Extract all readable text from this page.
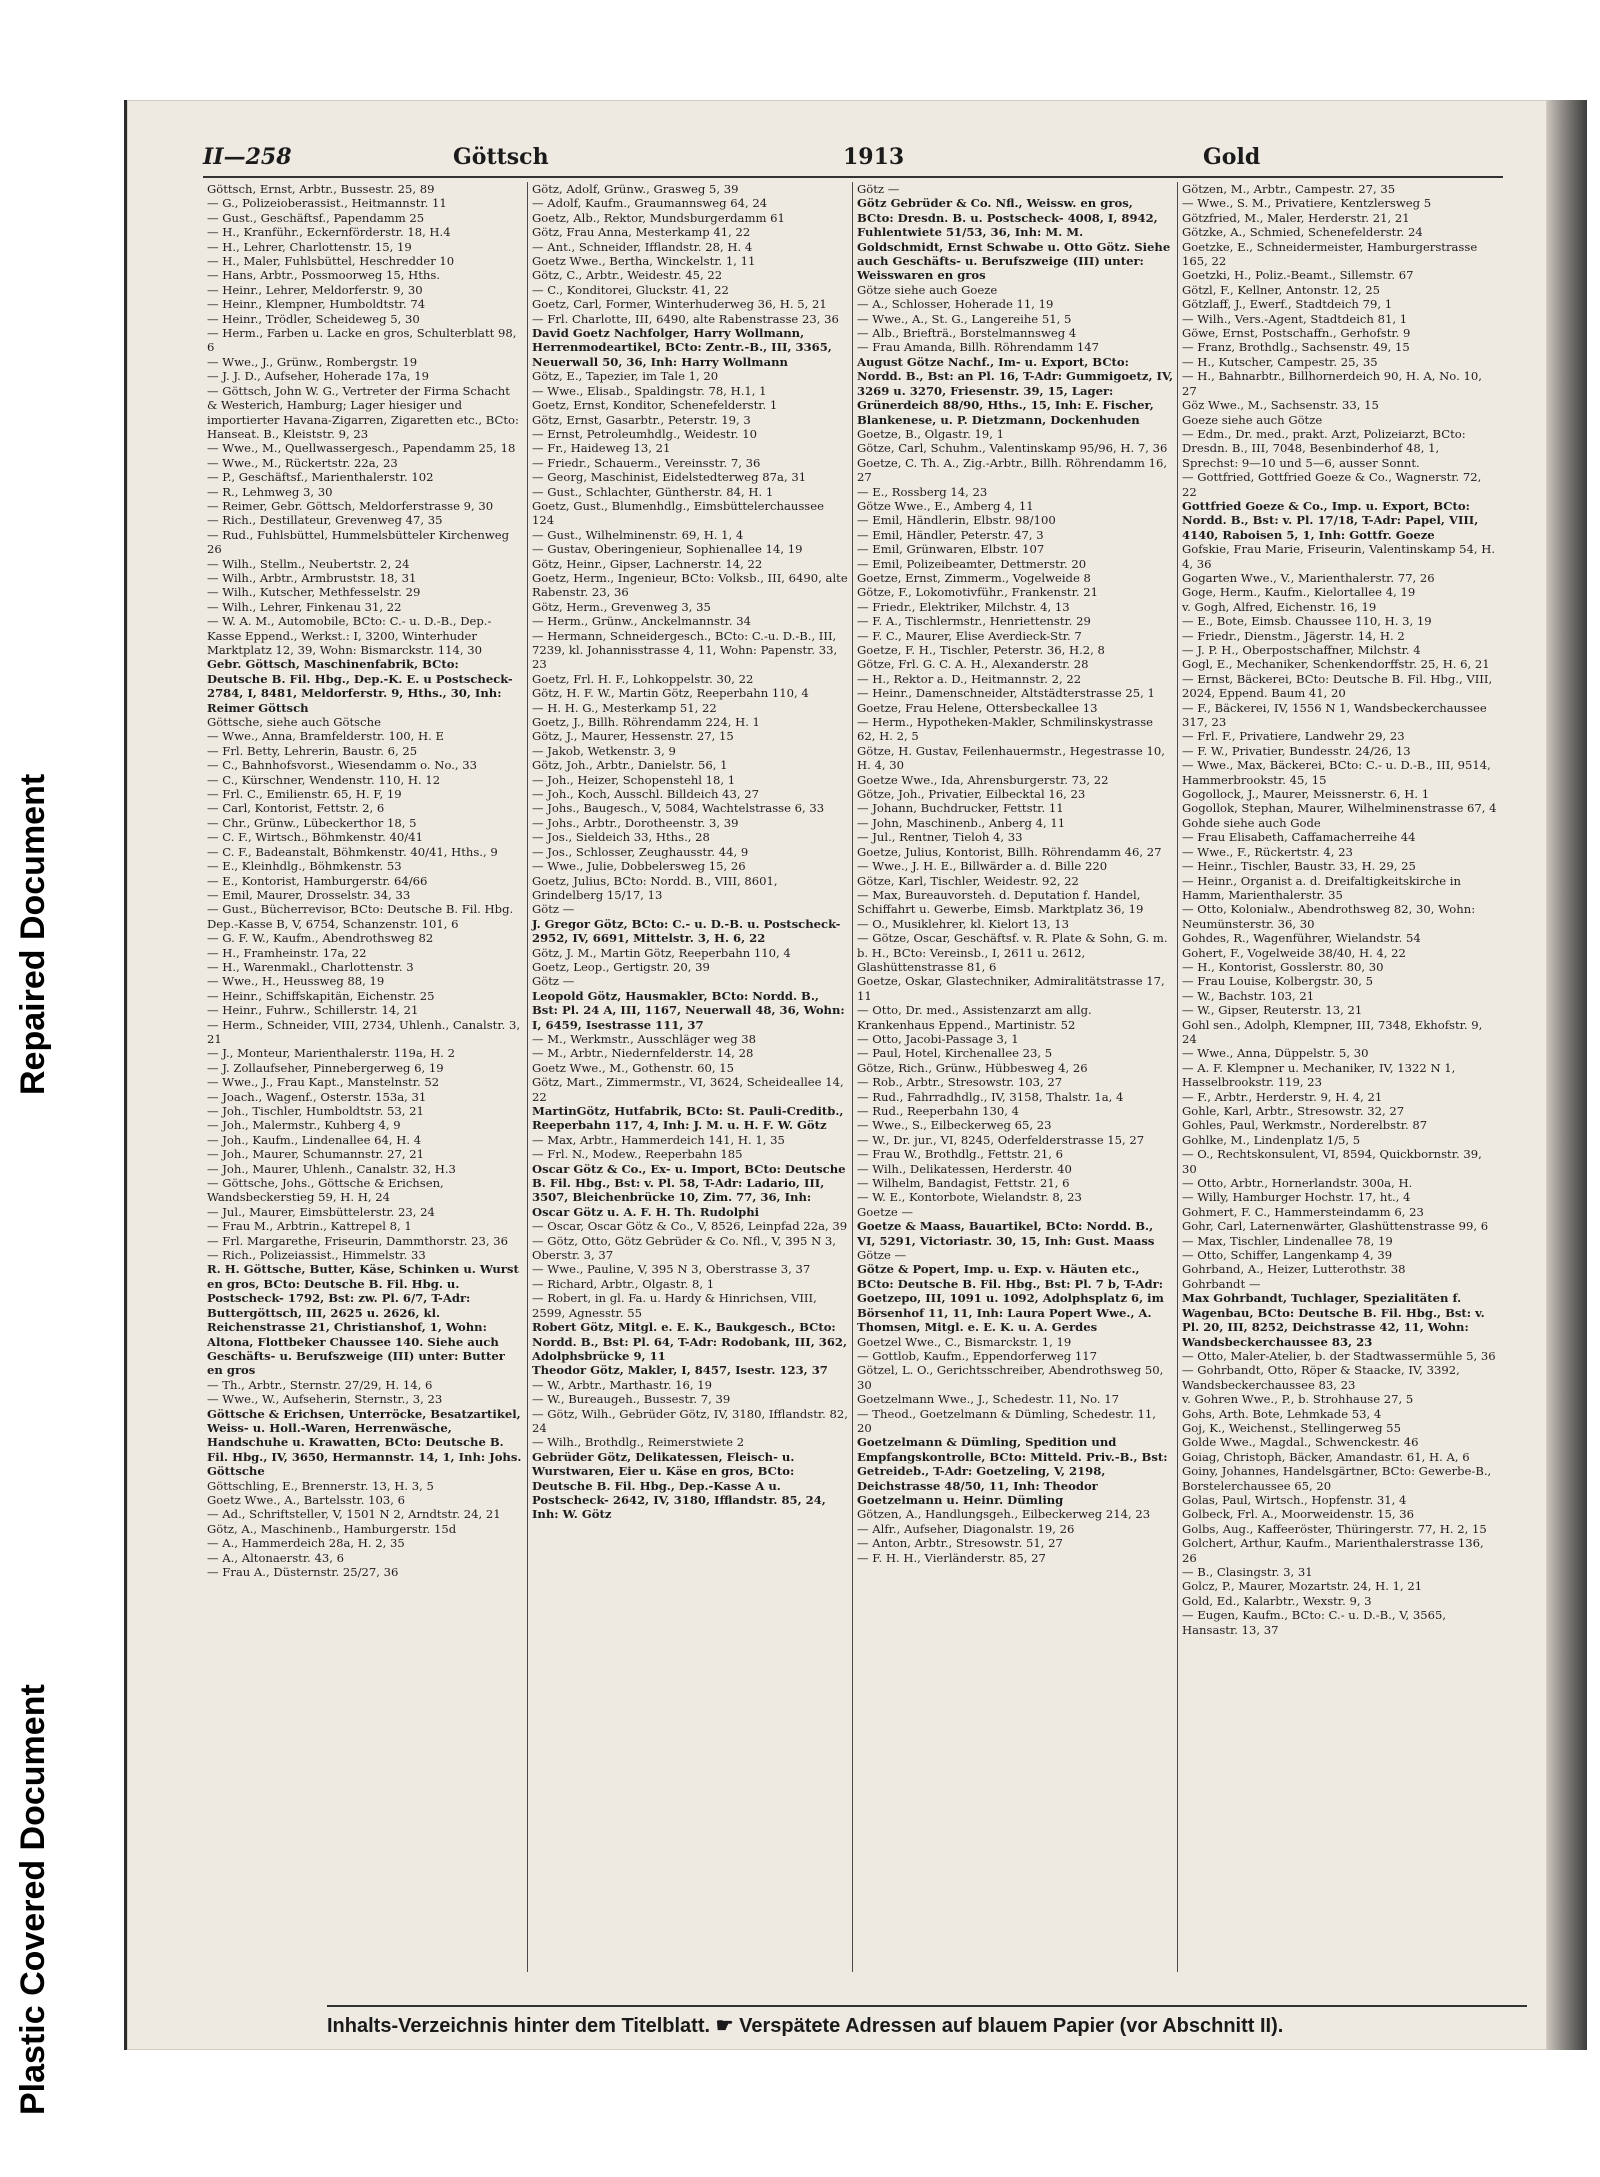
Plastic Covered Document
Repaired Document
II—258	Göttsch	1913	Gold

Göttsch, Ernst, Arbtr., Bussestr. 25, 89

— G., Polizeioberassist., Heitmannstr. 11

— Gust., Geschäftsf., Papendamm 25

— H., Kranführ., Eckernförderstr. 18, H.4

— H., Lehrer, Charlottenstr. 15, 19

— H., Maler, Fuhlsbüttel, Heschredder 10

— Hans, Arbtr., Possmoorweg 15, Hths.

— Heinr., Lehrer, Meldorferstr. 9, 30

— Heinr., Klempner, Humboldtstr. 74

— Heinr., Trödler, Scheideweg 5, 30

— Herm., Farben u. Lacke en gros, Schulterblatt 98, 6

— Wwe., J., Grünw., Rombergstr. 19

— J. J. D., Aufseher, Hoherade 17a, 19

— Göttsch, John W. G., Vertreter der Firma Schacht & Westerich, Hamburg; Lager hiesiger und importierter Havana-Zigarren, Zigaretten etc., BCto: Hanseat. B., Kleiststr. 9, 23

— Wwe., M., Quellwassergesch., Papendamm 25, 18

— Wwe., M., Rückertstr. 22a, 23

— P., Geschäftsf., Marienthalerstr. 102

— R., Lehmweg 3, 30

— Reimer, Gebr. Göttsch, Meldorferstrasse 9, 30

— Rich., Destillateur, Grevenweg 47, 35

— Rud., Fuhlsbüttel, Hummelsbütteler Kirchenweg 26

— Wilh., Stellm., Neubertstr. 2, 24

— Wilh., Arbtr., Armbruststr. 18, 31

— Wilh., Kutscher, Methfesselstr. 29

— Wilh., Lehrer, Finkenau 31, 22

— W. A. M., Automobile, BCto: C.- u. D.-B., Dep.-Kasse Eppend., Werkst.: I, 3200, Winterhuder Marktplatz 12, 39, Wohn: Bismarckstr. 114, 30

Gebr. Göttsch, Maschinenfabrik, BCto: Deutsche B. Fil. Hbg., Dep.-K. E. u Postscheck- 2784, I, 8481, Meldorferstr. 9, Hths., 30, Inh: Reimer Göttsch

Göttsche, siehe auch Götsche

— Wwe., Anna, Bramfelderstr. 100, H. E

— Frl. Betty, Lehrerin, Baustr. 6, 25

— C., Bahnhofsvorst., Wiesendamm o. No., 33

— C., Kürschner, Wendenstr. 110, H. 12

— Frl. C., Emilienstr. 65, H. F, 19

— Carl, Kontorist, Fettstr. 2, 6

— Chr., Grünw., Lübeckerthor 18, 5

— C. F., Wirtsch., Böhmkenstr. 40/41

— C. F., Badeanstalt, Böhmkenstr. 40/41, Hths., 9

— E., Kleinhdlg., Böhmkenstr. 53

— E., Kontorist, Hamburgerstr. 64/66

— Emil, Maurer, Drosselstr. 34, 33

— Gust., Bücherrevisor, BCto: Deutsche B. Fil. Hbg. Dep.-Kasse B, V, 6754, Schanzenstr. 101, 6

— G. F. W., Kaufm., Abendrothsweg 82

— H., Framheinstr. 17a, 22

— H., Warenmakl., Charlottenstr. 3

— Wwe., H., Heussweg 88, 19

— Heinr., Schiffskapitän, Eichenstr. 25

— Heinr., Fuhrw., Schillerstr. 14, 21

— Herm., Schneider, VIII, 2734, Uhlenh., Canalstr. 3, 21

— J., Monteur, Marienthalerstr. 119a, H. 2

— J. Zollaufseher, Pinnebergerweg 6, 19

— Wwe., J., Frau Kapt., Manstelnstr. 52

— Joach., Wagenf., Osterstr. 153a, 31

— Joh., Tischler, Humboldtstr. 53, 21

— Joh., Malermstr., Kuhberg 4, 9

— Joh., Kaufm., Lindenallee 64, H. 4

— Joh., Maurer, Schumannstr. 27, 21

— Joh., Maurer, Uhlenh., Canalstr. 32, H.3

— Göttsche, Johs., Göttsche & Erichsen, Wandsbeckerstieg 59, H. H, 24

— Jul., Maurer, Eimsbüttelerstr. 23, 24

— Frau M., Arbtrin., Kattrepel 8, 1

— Frl. Margarethe, Friseurin, Dammthorstr. 23, 36

— Rich., Polizeiassist., Himmelstr. 33

R. H. Göttsche, Butter, Käse, Schinken u. Wurst en gros, BCto: Deutsche B. Fil. Hbg. u. Postscheck- 1792, Bst: zw. Pl. 6/7, T-Adr: Buttergöttsch, III, 2625 u. 2626, kl. Reichenstrasse 21, Christianshof, 1, Wohn: Altona, Flottbeker Chaussee 140. Siehe auch Geschäfts- u. Berufszweige (III) unter: Butter en gros

— Th., Arbtr., Sternstr. 27/29, H. 14, 6

— Wwe., W., Aufseherin, Sternstr., 3, 23

Göttsche & Erichsen, Unterröcke, Besatzartikel, Weiss- u. Holl.-Waren, Herrenwäsche, Handschuhe u. Krawatten, BCto: Deutsche B. Fil. Hbg., IV, 3650, Hermannstr. 14, 1, Inh: Johs. Göttsche

Göttschling, E., Brennerstr. 13, H. 3, 5

Goetz Wwe., A., Bartelsstr. 103, 6

— Ad., Schriftsteller, V, 1501 N 2, Arndtstr. 24, 21

Götz, A., Maschinenb., Hamburgerstr. 15d

— A., Hammerdeich 28a, H. 2, 35

— A., Altonaerstr. 43, 6

— Frau A., Düsternstr. 25/27, 36

Götz, Adolf, Grünw., Grasweg 5, 39

— Adolf, Kaufm., Graumannsweg 64, 24

Goetz, Alb., Rektor, Mundsburgerdamm 61

Götz, Frau Anna, Mesterkamp 41, 22

— Ant., Schneider, Ifflandstr. 28, H. 4

Goetz Wwe., Bertha, Winckelstr. 1, 11

Götz, C., Arbtr., Weidestr. 45, 22

— C., Konditorei, Gluckstr. 41, 22

Goetz, Carl, Former, Winterhuderweg 36, H. 5, 21

— Frl. Charlotte, III, 6490, alte Rabenstrasse 23, 36

David Goetz Nachfolger, Harry Wollmann, Herrenmodeartikel, BCto: Zentr.-B., III, 3365, Neuerwall 50, 36, Inh: Harry Wollmann

Götz, E., Tapezier, im Tale 1, 20

— Wwe., Elisab., Spaldingstr. 78, H.1, 1

Goetz, Ernst, Konditor, Schenefelderstr. 1

Götz, Ernst, Gasarbtr., Peterstr. 19, 3

— Ernst, Petroleumhdlg., Weidestr. 10

— Fr., Haideweg 13, 21

— Friedr., Schauerm., Vereinsstr. 7, 36

— Georg, Maschinist, Eidelstedterweg 87a, 31

— Gust., Schlachter, Güntherstr. 84, H. 1

Goetz, Gust., Blumenhdlg., Eimsbüttelerchaussee 124

— Gust., Wilhelminenstr. 69, H. 1, 4

— Gustav, Oberingenieur, Sophienallee 14, 19

Götz, Heinr., Gipser, Lachnerstr. 14, 22

Goetz, Herm., Ingenieur, BCto: Volksb., III, 6490, alte Rabenstr. 23, 36

Götz, Herm., Grevenweg 3, 35

— Herm., Grünw., Anckelmannstr. 34

— Hermann, Schneidergesch., BCto: C.-u. D.-B., III, 7239, kl. Johannisstrasse 4, 11, Wohn: Papenstr. 33, 23

Goetz, Frl. H. F., Lohkoppelstr. 30, 22

Götz, H. F. W., Martin Götz, Reeperbahn 110, 4

— H. H. G., Mesterkamp 51, 22

Goetz, J., Billh. Röhrendamm 224, H. 1

Götz, J., Maurer, Hessenstr. 27, 15

— Jakob, Wetkenstr. 3, 9

Götz, Joh., Arbtr., Danielstr. 56, 1

— Joh., Heizer, Schopenstehl 18, 1

— Joh., Koch, Ausschl. Billdeich 43, 27

— Johs., Baugesch., V, 5084, Wachtelstrasse 6, 33

— Johs., Arbtr., Dorotheenstr. 3, 39

— Jos., Sieldeich 33, Hths., 28

— Jos., Schlosser, Zeughausstr. 44, 9

— Wwe., Julie, Dobbelersweg 15, 26

Goetz, Julius, BCto: Nordd. B., VIII, 8601, Grindelberg 15/17, 13

Götz —

J. Gregor Götz, BCto: C.- u. D.-B. u. Postscheck- 2952, IV, 6691, Mittelstr. 3, H. 6, 22

Götz, J. M., Martin Götz, Reeperbahn 110, 4

Goetz, Leop., Gertigstr. 20, 39

Götz —

Leopold Götz, Hausmakler, BCto: Nordd. B., Bst: Pl. 24 A, III, 1167, Neuerwall 48, 36, Wohn: I, 6459, Isestrasse 111, 37

— M., Werkmstr., Ausschläger weg 38

— M., Arbtr., Niedernfelderstr. 14, 28

Goetz Wwe., M., Gothenstr. 60, 15

Götz, Mart., Zimmermstr., VI, 3624, Scheideallee 14, 22

MartinGötz, Hutfabrik, BCto: St. Pauli-Creditb., Reeperbahn 117, 4, Inh: J. M. u. H. F. W. Götz

— Max, Arbtr., Hammerdeich 141, H. 1, 35

— Frl. N., Modew., Reeperbahn 185

Oscar Götz & Co., Ex- u. Import, BCto: Deutsche B. Fil. Hbg., Bst: v. Pl. 58, T-Adr: Ladario, III, 3507, Bleichenbrücke 10, Zim. 77, 36, Inh: Oscar Götz u. A. F. H. Th. Rudolphi

— Oscar, Oscar Götz & Co., V, 8526, Leinpfad 22a, 39

— Götz, Otto, Götz Gebrüder & Co. Nfl., V, 395 N 3, Oberstr. 3, 37

— Wwe., Pauline, V, 395 N 3, Oberstrasse 3, 37

— Richard, Arbtr., Olgastr. 8, 1

— Robert, in gl. Fa. u. Hardy & Hinrichsen, VIII, 2599, Agnesstr. 55

Robert Götz, Mitgl. e. E. K., Baukgesch., BCto: Nordd. B., Bst: Pl. 64, T-Adr: Rodobank, III, 362, Adolphsbrücke 9, 11

Theodor Götz, Makler, I, 8457, Isestr. 123, 37

— W., Arbtr., Marthastr. 16, 19

— W., Bureaugeh., Bussestr. 7, 39

— Götz, Wilh., Gebrüder Götz, IV, 3180, Ifflandstr. 82, 24

— Wilh., Brothdlg., Reimerstwiete 2

Gebrüder Götz, Delikatessen, Fleisch- u. Wurstwaren, Eier u. Käse en gros, BCto: Deutsche B. Fil. Hbg., Dep.-Kasse A u. Postscheck- 2642, IV, 3180, Ifflandstr. 85, 24, Inh: W. Götz

Götz —

Götz Gebrüder & Co. Nfl., Weissw. en gros, BCto: Dresdn. B. u. Postscheck- 4008, I, 8942, Fuhlentwiete 51/53, 36, Inh: M. M. Goldschmidt, Ernst Schwabe u. Otto Götz. Siehe auch Geschäfts- u. Berufszweige (III) unter: Weisswaren en gros

Götze siehe auch Goeze

— A., Schlosser, Hoherade 11, 19

— Wwe., A., St. G., Langereihe 51, 5

— Alb., Briefträ., Borstelmannsweg 4

— Frau Amanda, Billh. Röhrendamm 147

August Götze Nachf., Im- u. Export, BCto: Nordd. B., Bst: an Pl. 16, T-Adr: Gummigoetz, IV, 3269 u. 3270, Friesenstr. 39, 15, Lager: Grünerdeich 88/90, Hths., 15, Inh: E. Fischer, Blankenese, u. P. Dietzmann, Dockenhuden

Goetze, B., Olgastr. 19, 1

Götze, Carl, Schuhm., Valentinskamp 95/96, H. 7, 36

Goetze, C. Th. A., Zig.-Arbtr., Billh. Röhrendamm 16, 27

— E., Rossberg 14, 23

Götze Wwe., E., Amberg 4, 11

— Emil, Händlerin, Elbstr. 98/100

— Emil, Händler, Peterstr. 47, 3

— Emil, Grünwaren, Elbstr. 107

— Emil, Polizeibeamter, Dettmerstr. 20

Goetze, Ernst, Zimmerm., Vogelweide 8

Götze, F., Lokomotivführ., Frankenstr. 21

— Friedr., Elektriker, Milchstr. 4, 13

— F. A., Tischlermstr., Henriettenstr. 29

— F. C., Maurer, Elise Averdieck-Str. 7

Goetze, F. H., Tischler, Peterstr. 36, H.2, 8

Götze, Frl. G. C. A. H., Alexanderstr. 28

— H., Rektor a. D., Heitmannstr. 2, 22

— Heinr., Damenschneider, Altstädterstrasse 25, 1

Goetze, Frau Helene, Ottersbeckallee 13

— Herm., Hypotheken-Makler, Schmilinskystrasse 62, H. 2, 5

Götze, H. Gustav, Feilenhauermstr., Hegestrasse 10, H. 4, 30

Goetze Wwe., Ida, Ahrensburgerstr. 73, 22

Götze, Joh., Privatier, Eilbecktal 16, 23

— Johann, Buchdrucker, Fettstr. 11

— John, Maschinenb., Anberg 4, 11

— Jul., Rentner, Tieloh 4, 33

Goetze, Julius, Kontorist, Billh. Röhrendamm 46, 27

— Wwe., J. H. E., Billwärder a. d. Bille 220

Götze, Karl, Tischler, Weidestr. 92, 22

— Max, Bureauvorsteh. d. Deputation f. Handel, Schiffahrt u. Gewerbe, Eimsb. Marktplatz 36, 19

— O., Musiklehrer, kl. Kielort 13, 13

— Götze, Oscar, Geschäftsf. v. R. Plate & Sohn, G. m. b. H., BCto: Vereinsb., I, 2611 u. 2612, Glashüttenstrasse 81, 6

Goetze, Oskar, Glastechniker, Admiralitätstrasse 17, 11

— Otto, Dr. med., Assistenzarzt am allg. Krankenhaus Eppend., Martinistr. 52

— Otto, Jacobi-Passage 3, 1

— Paul, Hotel, Kirchenallee 23, 5

Götze, Rich., Grünw., Hübbesweg 4, 26

— Rob., Arbtr., Stresowstr. 103, 27

— Rud., Fahrradhdlg., IV, 3158, Thalstr. 1a, 4

— Rud., Reeperbahn 130, 4

— Wwe., S., Eilbeckerweg 65, 23

— W., Dr. jur., VI, 8245, Oderfelderstrasse 15, 27

— Frau W., Brothdlg., Fettstr. 21, 6

— Wilh., Delikatessen, Herderstr. 40

— Wilhelm, Bandagist, Fettstr. 21, 6

— W. E., Kontorbote, Wielandstr. 8, 23

Goetze —

Goetze & Maass, Bauartikel, BCto: Nordd. B., VI, 5291, Victoriastr. 30, 15, Inh: Gust. Maass

Götze —

Götze & Popert, Imp. u. Exp. v. Häuten etc., BCto: Deutsche B. Fil. Hbg., Bst: Pl. 7 b, T-Adr: Goetzepo, III, 1091 u. 1092, Adolphsplatz 6, im Börsenhof 11, 11, Inh: Laura Popert Wwe., A. Thomsen, Mitgl. e. E. K. u. A. Gerdes

Goetzel Wwe., C., Bismarckstr. 1, 19

— Gottlob, Kaufm., Eppendorferweg 117

Götzel, L. O., Gerichtsschreiber, Abendrothsweg 50, 30

Goetzelmann Wwe., J., Schedestr. 11, No. 17

— Theod., Goetzelmann & Dümling, Schedestr. 11, 20

Goetzelmann & Dümling, Spedition und Empfangskontrolle, BCto: Mitteld. Priv.-B., Bst: Getreideb., T-Adr: Goetzeling, V, 2198, Deichstrasse 48/50, 11, Inh: Theodor Goetzelmann u. Heinr. Dümling

Götzen, A., Handlungsgeh., Eilbeckerweg 214, 23

— Alfr., Aufseher, Diagonalstr. 19, 26

— Anton, Arbtr., Stresowstr. 51, 27

— F. H. H., Vierländerstr. 85, 27

Götzen, M., Arbtr., Campestr. 27, 35

— Wwe., S. M., Privatiere, Kentzlersweg 5

Götzfried, M., Maler, Herderstr. 21, 21

Götzke, A., Schmied, Schenefelderstr. 24

Goetzke, E., Schneidermeister, Hamburgerstrasse 165, 22

Goetzki, H., Poliz.-Beamt., Sillemstr. 67

Götzl, F., Kellner, Antonstr. 12, 25

Götzlaff, J., Ewerf., Stadtdeich 79, 1

— Wilh., Vers.-Agent, Stadtdeich 81, 1

Göwe, Ernst, Postschaffn., Gerhofstr. 9

— Franz, Brothdlg., Sachsenstr. 49, 15

— H., Kutscher, Campestr. 25, 35

— H., Bahnarbtr., Billhornerdeich 90, H. A, No. 10, 27

Göz Wwe., M., Sachsenstr. 33, 15

Goeze siehe auch Götze

— Edm., Dr. med., prakt. Arzt, Polizeiarzt, BCto: Dresdn. B., III, 7048, Besenbinderhof 48, 1, Sprechst: 9—10 und 5—6, ausser Sonnt.

— Gottfried, Gottfried Goeze & Co., Wagnerstr. 72, 22

Gottfried Goeze & Co., Imp. u. Export, BCto: Nordd. B., Bst: v. Pl. 17/18, T-Adr: Papel, VIII, 4140, Raboisen 5, 1, Inh: Gottfr. Goeze

Gofskie, Frau Marie, Friseurin, Valentinskamp 54, H. 4, 36

Gogarten Wwe., V., Marienthalerstr. 77, 26

Goge, Herm., Kaufm., Kielortallee 4, 19

v. Gogh, Alfred, Eichenstr. 16, 19

— E., Bote, Eimsb. Chaussee 110, H. 3, 19

— Friedr., Dienstm., Jägerstr. 14, H. 2

— J. P. H., Oberpostschaffner, Milchstr. 4

Gogl, E., Mechaniker, Schenkendorffstr. 25, H. 6, 21

— Ernst, Bäckerei, BCto: Deutsche B. Fil. Hbg., VIII, 2024, Eppend. Baum 41, 20

— F., Bäckerei, IV, 1556 N 1, Wandsbeckerchaussee 317, 23

— Frl. F., Privatiere, Landwehr 29, 23

— F. W., Privatier, Bundesstr. 24/26, 13

— Wwe., Max, Bäckerei, BCto: C.- u. D.-B., III, 9514, Hammerbrookstr. 45, 15

Gogollock, J., Maurer, Meissnerstr. 6, H. 1

Gogollok, Stephan, Maurer, Wilhelminenstrasse 67, 4

Gohde siehe auch Gode

— Frau Elisabeth, Caffamacherreihe 44

— Wwe., F., Rückertstr. 4, 23

— Heinr., Tischler, Baustr. 33, H. 29, 25

— Heinr., Organist a. d. Dreifaltigkeitskirche in Hamm, Marienthalerstr. 35

— Otto, Kolonialw., Abendrothsweg 82, 30, Wohn: Neumünsterstr. 36, 30

Gohdes, R., Wagenführer, Wielandstr. 54

Gohert, F., Vogelweide 38/40, H. 4, 22

— H., Kontorist, Gosslerstr. 80, 30

— Frau Louise, Kolbergstr. 30, 5

— W., Bachstr. 103, 21

— W., Gipser, Reuterstr. 13, 21

Gohl sen., Adolph, Klempner, III, 7348, Ekhofstr. 9, 24

— Wwe., Anna, Düppelstr. 5, 30

— A. F. Klempner u. Mechaniker, IV, 1322 N 1, Hasselbrookstr. 119, 23

— F., Arbtr., Herderstr. 9, H. 4, 21

Gohle, Karl, Arbtr., Stresowstr. 32, 27

Gohles, Paul, Werkmstr., Norderelbstr. 87

Gohlke, M., Lindenplatz 1/5, 5

— O., Rechtskonsulent, VI, 8594, Quickbornstr. 39, 30

— Otto, Arbtr., Hornerlandstr. 300a, H.

— Willy, Hamburger Hochstr. 17, ht., 4

Gohmert, F. C., Hammersteindamm 6, 23

Gohr, Carl, Laternenwärter, Glashüttenstrasse 99, 6

— Max, Tischler, Lindenallee 78, 19

— Otto, Schiffer, Langenkamp 4, 39

Gohrband, A., Heizer, Lutterothstr. 38

Gohrbandt —

Max Gohrbandt, Tuchlager, Spezialitäten f. Wagenbau, BCto: Deutsche B. Fil. Hbg., Bst: v. Pl. 20, III, 8252, Deichstrasse 42, 11, Wohn: Wandsbeckerchaussee 83, 23

— Otto, Maler-Atelier, b. der Stadtwassermühle 5, 36

— Gohrbandt, Otto, Röper & Staacke, IV, 3392, Wandsbeckerchaussee 83, 23

v. Gohren Wwe., P., b. Strohhause 27, 5

Gohs, Arth. Bote, Lehmkade 53, 4

Goj, K., Weichenst., Stellingerweg 55

Golde Wwe., Magdal., Schwenckestr. 46

Goiag, Christoph, Bäcker, Amandastr. 61, H. A, 6

Goiny, Johannes, Handelsgärtner, BCto: Gewerbe-B., Borstelerchaussee 65, 20

Golas, Paul, Wirtsch., Hopfenstr. 31, 4

Golbeck, Frl. A., Moorweidenstr. 15, 36

Golbs, Aug., Kaffeeröster, Thüringerstr. 77, H. 2, 15

Golchert, Arthur, Kaufm., Marienthalerstrasse 136, 26

— B., Clasingstr. 3, 31

Golcz, P., Maurer, Mozartstr. 24, H. 1, 21

Gold, Ed., Kalarbtr., Wexstr. 9, 3

— Eugen, Kaufm., BCto: C.- u. D.-B., V, 3565, Hansastr. 13, 37

Inhalts-Verzeichnis hinter dem Titelblatt. ☛ Verspätete Adressen auf blauem Papier (vor Abschnitt II).
